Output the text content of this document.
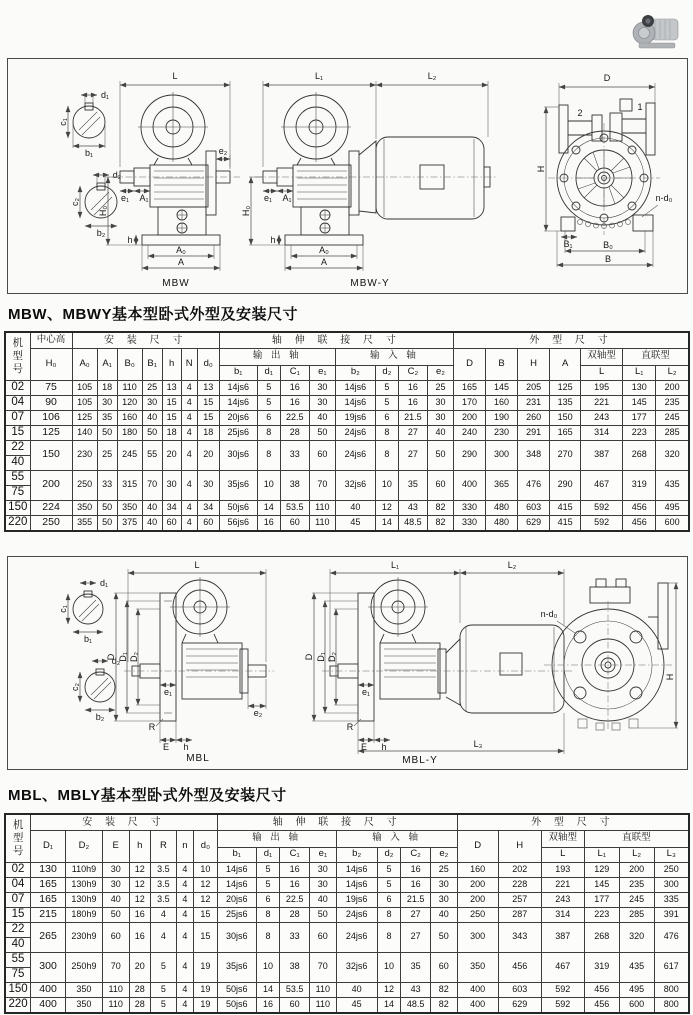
d₁
c₁
b₁
d₂
c₂
b₂
L
H₀
e₁ A₁
h
e₂
A₀
A
MBW
L₁	L₂
H₀
e₁ A₁
h
A₀
A
MBW-Y
D
2
1
H
B₁	B₀
B
n-d₀
MBW、MBWY基本型卧式外型及安装尺寸
机型号	中心高	安 装 尺 寸							轴 伸 联 接 尺 寸								外 型 尺 寸						
	H₀	A₀	A₁	B₀	B₁	h	N	d₀	输 出 轴				输 入 轴				D	B	H	A	双轴型	直联型	
									b₁	d₁	C₁	e₁	b₂	d₂	C₂	e₂					L	L₁	L₂
02	75	105	18	110	25	13	4	13	14js6	5	16	30	14js6	5	16	25	165	145	205	125	195	130	200
04	90	105	30	120	30	15	4	15	14js6	5	16	30	14js6	5	16	30	170	160	231	135	221	145	235
07	106	125	35	160	40	15	4	15	20js6	6	22.5	40	19js6	6	21.5	30	200	190	260	150	243	177	245
15	125	140	50	180	50	18	4	18	25js6	8	28	50	24js6	8	27	40	240	230	291	165	314	223	285
22	150	230	25	245	55	20	4	20	30js6	8	33	60	24js6	8	27	50	290	300	348	270	387	268	320
40																							
55	200	250	33	315	70	30	4	30	35js6	10	38	70	32js6	10	35	60	400	365	476	290	467	319	435
75																							
150	224	350	50	350	40	34	4	34	50js6	14	53.5	110	40	12	43	82	330	480	603	415	592	456	495
220	250	355	50	375	40	60	4	60	56js6	16	60	110	45	14	48.5	82	330	480	629	415	592	456	600
d₁
c₁
b₁
d₂
c₂
b₂
L
D D₁ D₂
e₁
R
E h
e₂
MBL
L₁	L₂
D D₁ D₂
e₁
R
E h	L₃
MBL-Y
n-d₀
H
MBL、MBLY基本型卧式外型及安装尺寸
机型号	安 装 尺 寸							轴 伸 联 接 尺 寸								外 型 尺 寸					
	D₁	D₂	E	h	R	n	d₀	输 出 轴				输 入 轴				D	H	双轴型	直联型		
								b₁	d₁	C₁	e₁	b₂	d₂	C₂	e₂			L	L₁	L₂	L₃
02	130	110h9	30	12	3.5	4	10	14js6	5	16	30	14js6	5	16	25	160	202	193	129	200	250
04	165	130h9	30	12	3.5	4	12	14js6	5	16	30	14js6	5	16	30	200	228	221	145	235	300
07	165	130h9	40	12	3.5	4	12	20js6	6	22.5	40	19js6	6	21.5	30	200	257	243	177	245	335
15	215	180h9	50	16	4	4	15	25js6	8	28	50	24js6	8	27	40	250	287	314	223	285	391
22	265	230h9	60	16	4	4	15	30js6	8	33	60	24js6	8	27	50	300	343	387	268	320	476
40																					
55	300	250h9	70	20	5	4	19	35js6	10	38	70	32js6	10	35	60	350	456	467	319	435	617
75																					
150	400	350	110	28	5	4	19	50js6	14	53.5	110	40	12	43	82	400	603	592	456	495	800
220	400	350	110	28	5	4	19	50js6	16	60	110	45	14	48.5	82	400	629	592	456	600	800
